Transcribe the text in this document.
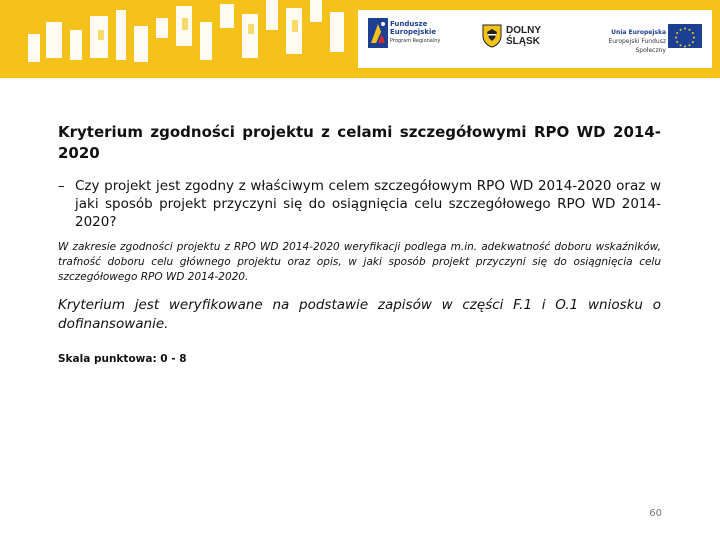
Fundusze
Europejskie
Program Regionalny
DOLNY
ŚLĄSK
Unia Europejska
Europejski Fundusz Społeczny
Kryterium zgodności projektu z celami szczegółowymi RPO WD 2014-2020
– Czy projekt jest zgodny z właściwym celem szczegółowym RPO WD 2014-2020 oraz w jaki sposób projekt przyczyni się do osiągnięcia celu szczegółowego RPO WD 2014-2020?
W zakresie zgodności projektu z RPO WD 2014-2020 weryfikacji podlega m.in. adekwatność doboru wskaźników, trafność doboru celu głównego projektu oraz opis, w jaki sposób projekt przyczyni się do osiągnięcia celu szczegółowego RPO WD 2014-2020.
Kryterium jest weryfikowane na podstawie zapisów w części F.1 i O.1 wniosku o dofinansowanie.
Skala punktowa: 0 - 8
60
